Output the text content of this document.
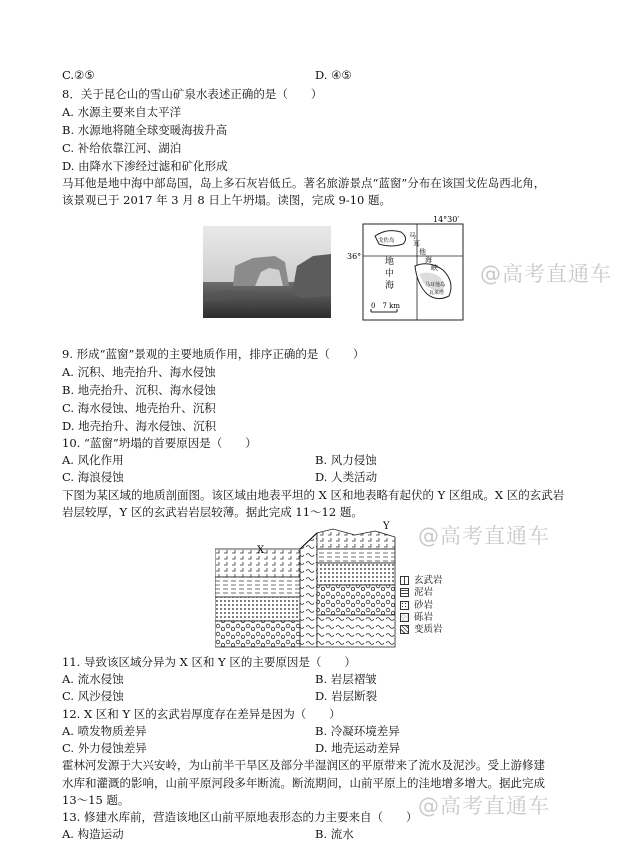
C.②⑤
8．关于昆仑山的雪山矿泉水表述正确的是（　　）
A. 水源主要来自太平洋
B. 水源地将随全球变暖海拔升高
C. 补给依靠江河、湖泊
D. 由降水下渗经过滤和矿化形成
马耳他是地中海中部岛国，岛上多石灰岩低丘。著名旅游景点“蓝窗”分布在该国戈佐岛西北角，
该景观已于 2017 年 3 月 8 日上午坍塌。读图，完成 9-10 题。
14°30′
36°
戈佐岛
马耳他岛
瓦莱塔
地
中
海
马
耳
他
海
峡
0　7 km
9. 形成“蓝窗”景观的主要地质作用，排序正确的是（　　）
A. 沉积、地壳抬升、海水侵蚀
B. 地壳抬升、沉积、海水侵蚀
C. 海水侵蚀、地壳抬升、沉积
D. 地壳抬升、海水侵蚀、沉积
10. “蓝窗”坍塌的首要原因是（　　）
A. 风化作用
C. 海浪侵蚀
下图为某区域的地质剖面图。该区域由地表平坦的 X 区和地表略有起伏的 Y 区组成。X 区的玄武岩
岩层较厚，Y 区的玄武岩岩层较薄。据此完成 11～12 题。
X
Y
玄武岩
泥岩
砂岩
砾岩
变质岩
11. 导致该区域分异为 X 区和 Y 区的主要原因是（　　）
A. 流水侵蚀
C. 风沙侵蚀
12. X 区和 Y 区的玄武岩厚度存在差异是因为（　　）
A. 喷发物质差异
C. 外力侵蚀差异
霍林河发源于大兴安岭，为山前半干旱区及部分半湿润区的平原带来了流水及泥沙。受上游修建
水库和灌溉的影响，山前平原河段多年断流。断流期间，山前平原上的洼地增多增大。据此完成
13～15 题。
13. 修建水库前，营造该地区山前平原地表形态的力主要来自（　　）
A. 构造运动
D. ④⑤
B. 风力侵蚀
D. 人类活动
B. 岩层褶皱
D. 岩层断裂
B. 冷凝环境差异
D. 地壳运动差异
B. 流水
@高考直通车
@高考直通车
@高考直通车
